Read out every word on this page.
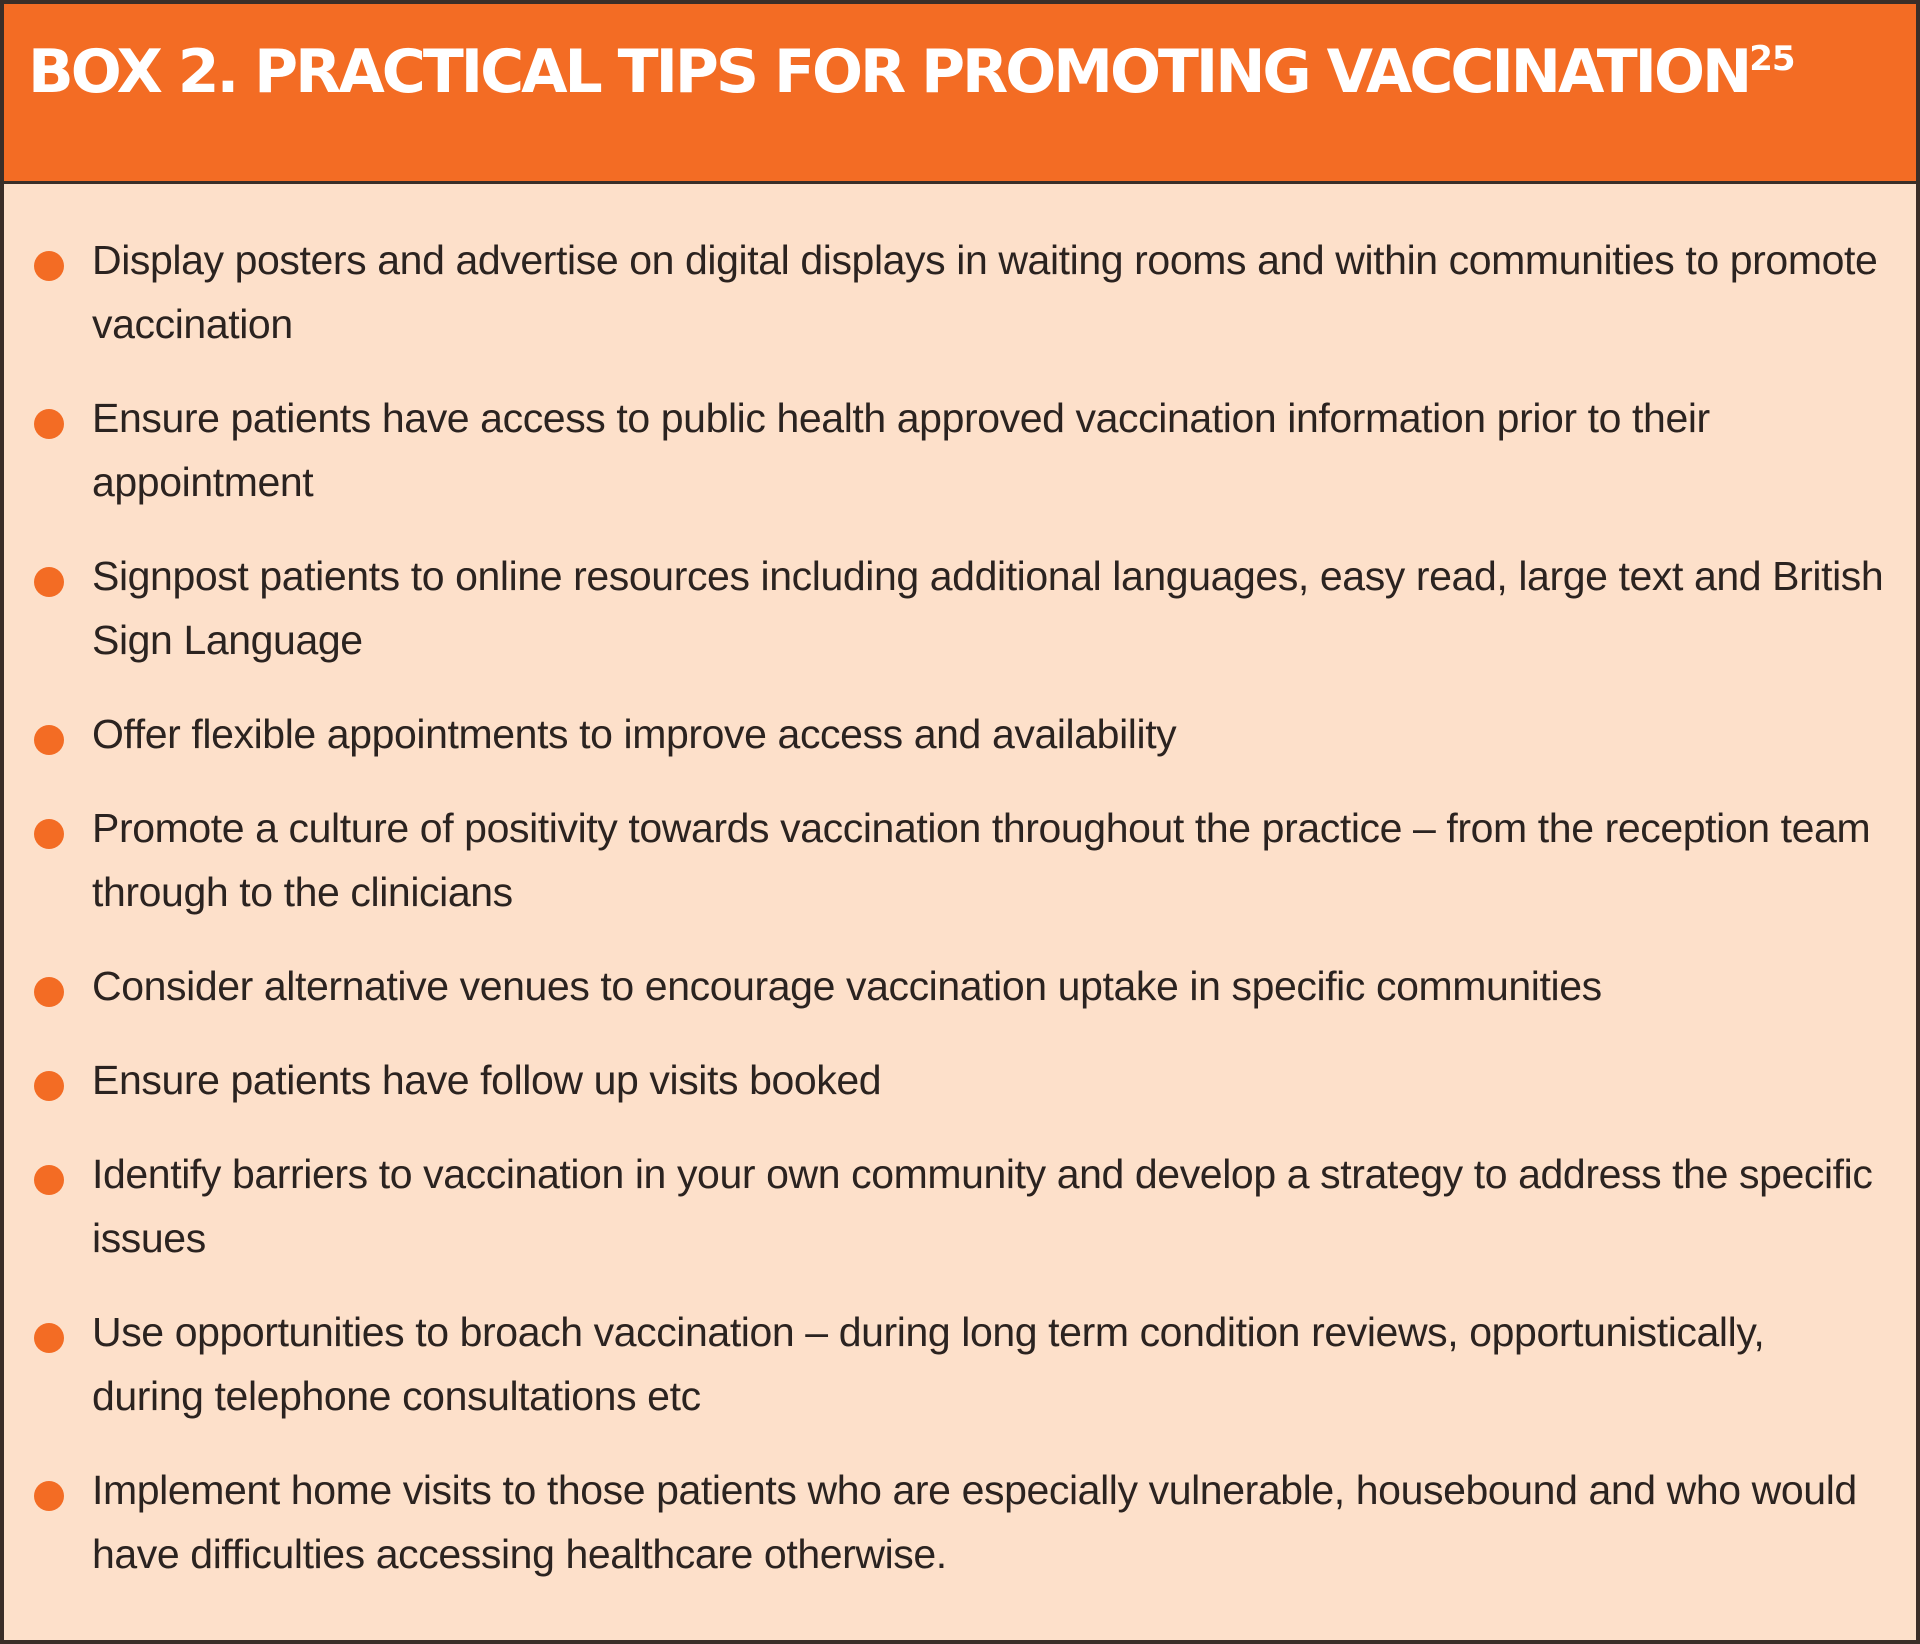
BOX 2. PRACTICAL TIPS FOR PROMOTING VACCINATION$^{25}$
Display posters and advertise on digital displays in waiting rooms and within communities to promote vaccination
Ensure patients have access to public health approved vaccination information prior to their appointment
Signpost patients to online resources including additional languages, easy read, large text and British Sign Language
Offer flexible appointments to improve access and availability
Promote a culture of positivity towards vaccination throughout the practice – from the reception team through to the clinicians
Consider alternative venues to encourage vaccination uptake in specific communities
Ensure patients have follow up visits booked
Identify barriers to vaccination in your own community and develop a strategy to address the specific issues
Use opportunities to broach vaccination – during long term condition reviews, opportunistically, during telephone consultations etc
Implement home visits to those patients who are especially vulnerable, housebound and who would have difficulties accessing healthcare otherwise.
